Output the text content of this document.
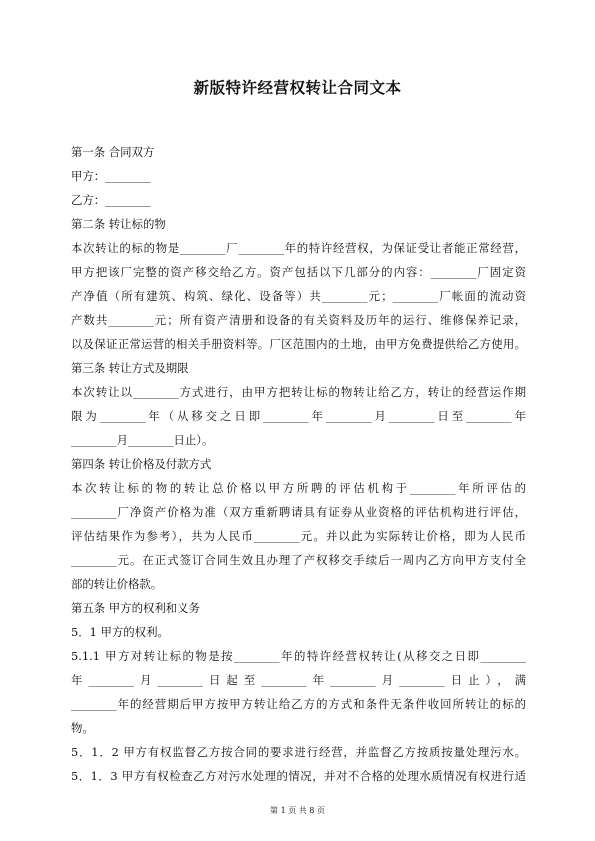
新版特许经营权转让合同文本
第一条 合同双方
甲方：________
乙方：________
第二条 转让标的物
本次转让的标的物是________厂________年的特许经营权，为保证受让者能正常经营，
甲方把该厂完整的资产移交给乙方。资产包括以下几部分的内容：________厂固定资
产净值（所有建筑、构筑、绿化、设备等）共________元；________厂帐面的流动资
产数共________元；所有资产清册和设备的有关资料及历年的运行、维修保养记录，
以及保证正常运营的相关手册资料等。厂区范围内的土地，由甲方免费提供给乙方使用。
第三条 转让方式及期限
本次转让以________方式进行，由甲方把转让标的物转让给乙方，转让的经营运作期
限为________年（从移交之日即________年________月________日至________年
________月________日止）。
第四条 转让价格及付款方式
本次转让标的物的转让总价格以甲方所聘的评估机构于________年所评估的
________厂净资产价格为准（双方重新聘请具有证券从业资格的评估机构进行评估，
评估结果作为参考），共为人民币________元。并以此为实际转让价格，即为人民币
________元。在正式签订合同生效且办理了产权移交手续后一周内乙方向甲方支付全
部的转让价格款。
第五条 甲方的权利和义务
5．1 甲方的权利。
5.1.1 甲方对转让标的物是按________年的特许经营权转让(从移交之日即________
年________月________日起至________年________月________日止），满
________年的经营期后甲方按甲方转让给乙方的方式和条件无条件收回所转让的标的
物。
5．1．2 甲方有权监督乙方按合同的要求进行经营，并监督乙方按质按量处理污水。
5．1．3 甲方有权检查乙方对污水处理的情况，并对不合格的处理水质情况有权进行适
第 1 页 共 8 页
